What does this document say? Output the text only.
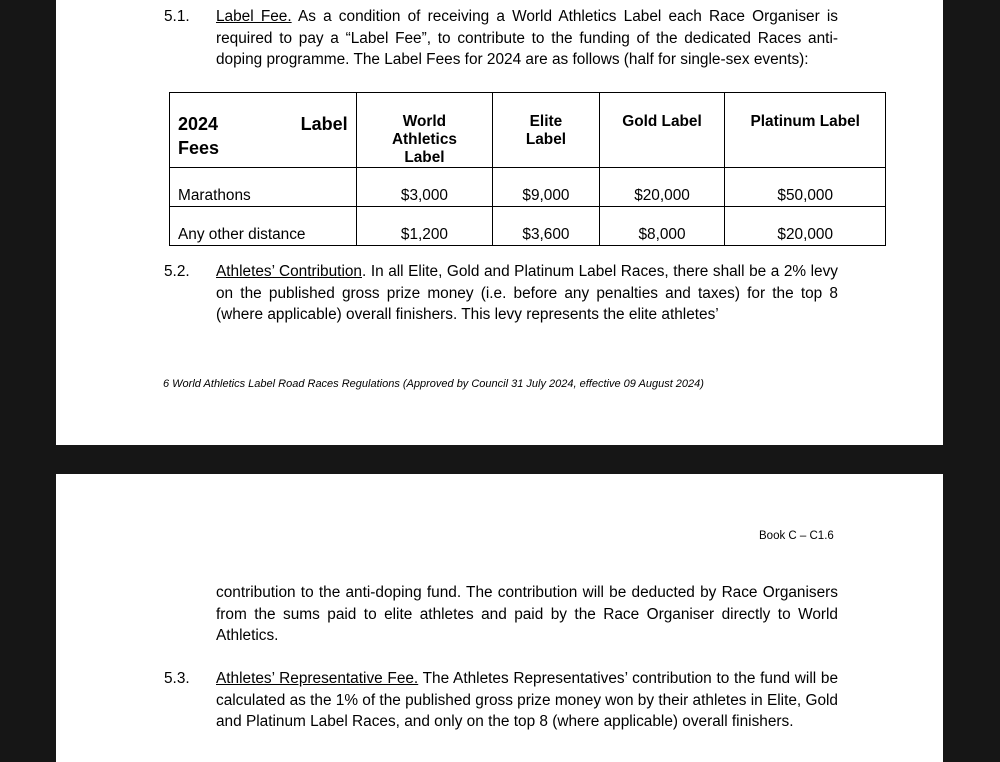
5.1. Label Fee. As a condition of receiving a World Athletics Label each Race Organiser is required to pay a “Label Fee”, to contribute to the funding of the dedicated Races anti-doping programme. The Label Fees for 2024 are as follows (half for single-sex events):
2024 Label
Fees	World Athletics Label	Elite Label	Gold Label	Platinum Label
Marathons	$3,000	$9,000	$20,000	$50,000
Any other distance	$1,200	$3,600	$8,000	$20,000
5.2. Athletes’ Contribution. In all Elite, Gold and Platinum Label Races, there shall be a 2% levy on the published gross prize money (i.e. before any penalties and taxes) for the top 8 (where applicable) overall finishers. This levy represents the elite athletes’
6 World Athletics Label Road Races Regulations (Approved by Council 31 July 2024, effective 09 August 2024)
Book C – C1.6
contribution to the anti-doping fund. The contribution will be deducted by Race Organisers from the sums paid to elite athletes and paid by the Race Organiser directly to World Athletics.
5.3. Athletes’ Representative Fee. The Athletes Representatives’ contribution to the fund will be calculated as the 1% of the published gross prize money won by their athletes in Elite, Gold and Platinum Label Races, and only on the top 8 (where applicable) overall finishers.
